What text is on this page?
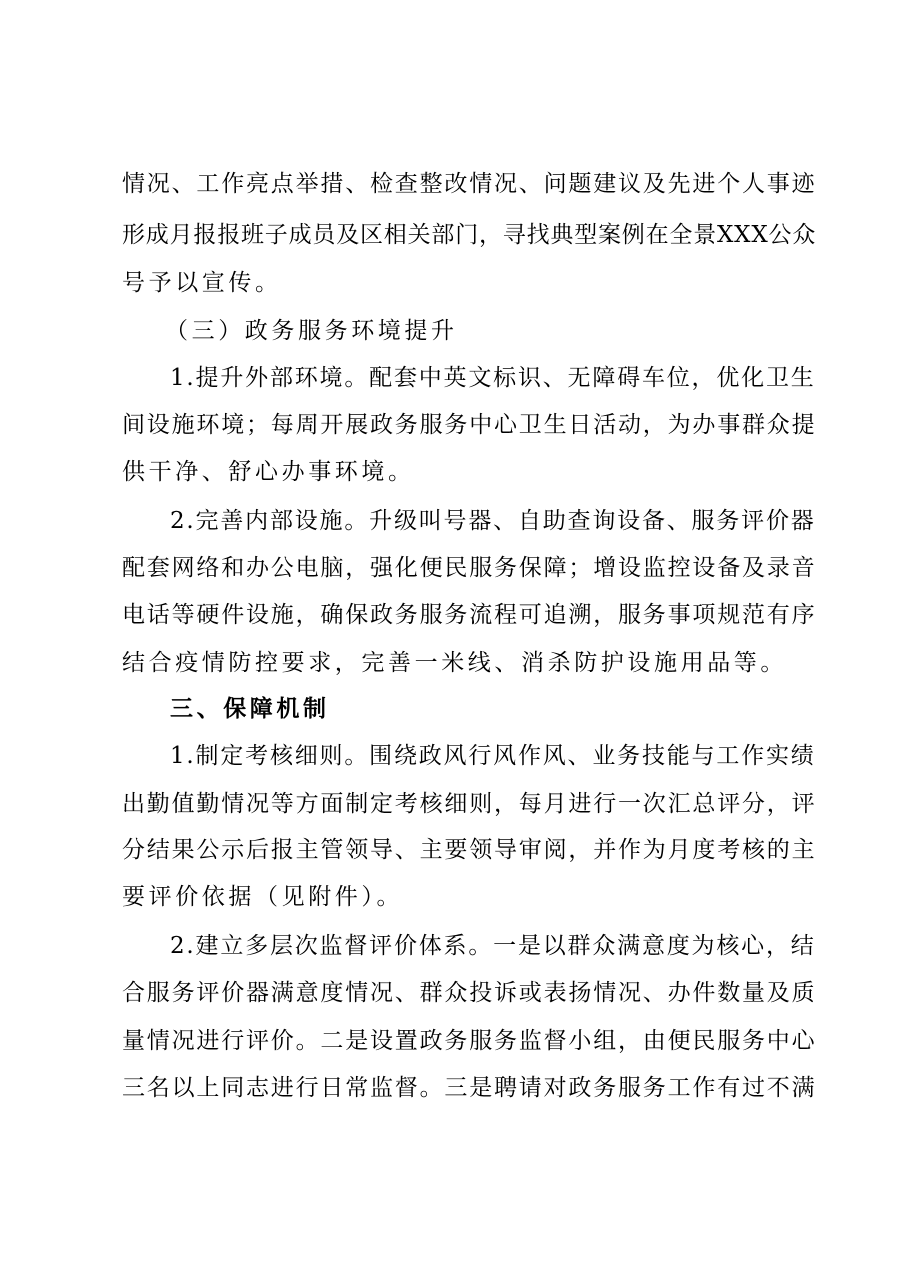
情况、工作亮点举措、检查整改情况、问题建议及先进个人事迹
形成月报报班子成员及区相关部门，寻找典型案例在全景XXX公众
号予以宣传。
（三）政务服务环境提升
1.提升外部环境。配套中英文标识、无障碍车位，优化卫生
间设施环境；每周开展政务服务中心卫生日活动，为办事群众提
供干净、舒心办事环境。
2.完善内部设施。升级叫号器、自助查询设备、服务评价器
配套网络和办公电脑，强化便民服务保障；增设监控设备及录音
电话等硬件设施，确保政务服务流程可追溯，服务事项规范有序
结合疫情防控要求，完善一米线、消杀防护设施用品等。
三、保障机制
1.制定考核细则。围绕政风行风作风、业务技能与工作实绩
出勤值勤情况等方面制定考核细则，每月进行一次汇总评分，评
分结果公示后报主管领导、主要领导审阅，并作为月度考核的主
要评价依据（见附件）。
2.建立多层次监督评价体系。一是以群众满意度为核心，结
合服务评价器满意度情况、群众投诉或表扬情况、办件数量及质
量情况进行评价。二是设置政务服务监督小组，由便民服务中心
三名以上同志进行日常监督。三是聘请对政务服务工作有过不满
